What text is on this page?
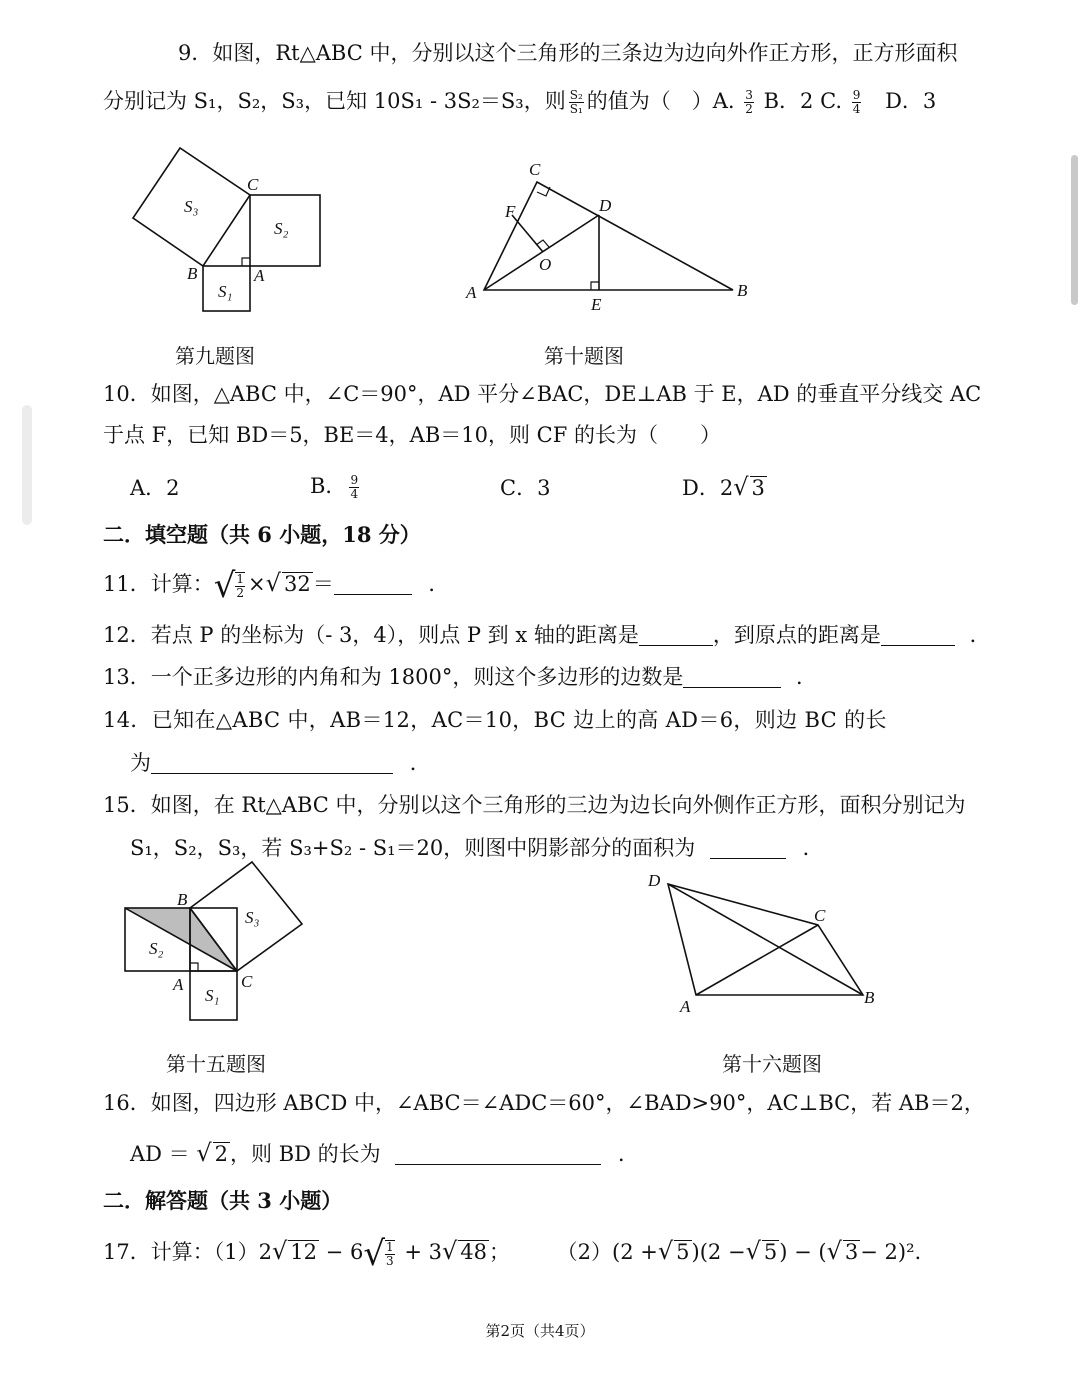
9．如图，Rt△ABC 中，分别以这个三角形的三条边为边向外作正方形，正方形面积
分别记为 S₁，S₂，S₃，已知 10S₁ - 3S₂＝S₃，则 $\frac{\text{S₂}}{\text{S₁}}$ 的值为（　）A. $\frac{3}{2}$ B．2 C. $\frac{9}{4}$ D．3
S₃
S₂
S₁
C
B	A
第九题图
C
F	D
O
A
E
B
第十题图
10．如图，△ABC 中，∠C＝90°，AD 平分∠BAC，DE⊥AB 于 E，AD 的垂直平分线交 AC
于点 F，已知 BD＝5，BE＝4，AB＝10，则 CF 的长为（　　）
A．2	B． $\frac{9}{4}$	C．3	D．2√ 3
二．填空题（共 6 小题，18 分）
11．计算：√ $\frac{1}{2}$ ×√ 32＝	．
12．若点 P 的坐标为（- 3，4），则点 P 到 x 轴的距离是	，到原点的距离是	．
13．一个正多边形的内角和为 1800°，则这个多边形的边数是	．
14．已知在△ABC 中，AB＝12，AC＝10，BC 边上的高 AD＝6，则边 BC 的长
为	．
15．如图，在 Rt△ABC 中，分别以这个三角形的三边为边长向外侧作正方形，面积分别记为
S₁，S₂，S₃，若 S₃+S₂ - S₁＝20，则图中阴影部分的面积为	．
B
S₃
S₂
A	C
S₁
第十五题图
D
C
A	B
第十六题图
16．如图，四边形 ABCD 中，∠ABC＝∠ADC＝60°，∠BAD>90°，AC⊥BC，若 AB＝2，
AD ＝ √ 2，则 BD 的长为	．
二．解答题（共 3 小题）
17．计算：（1）2√ $12 - 6√ \frac{1}{3} + 3√$ 48； （2）(2 +√ 5)(2 −√ 5) − (√ 3− 2)².
第2页（共4页）
